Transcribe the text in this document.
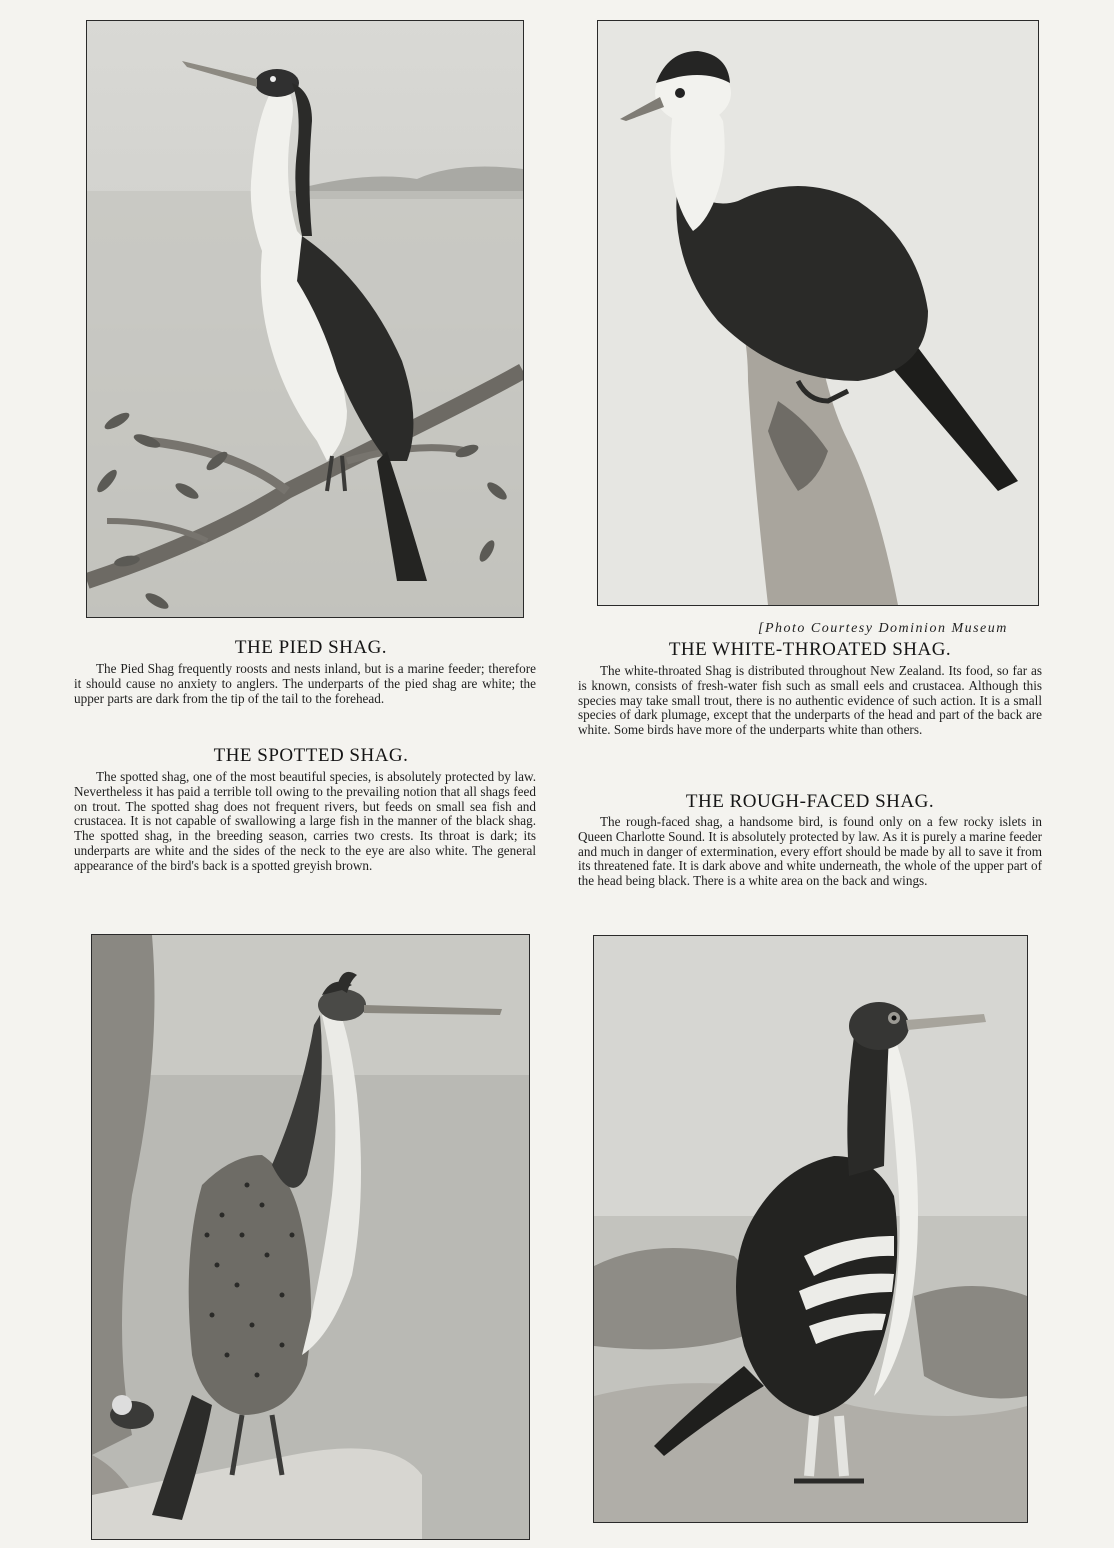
[Photo Courtesy Dominion Museum
THE PIED SHAG.

The Pied Shag frequently roosts and nests inland, but is a marine feeder; therefore it should cause no anxiety to anglers. The underparts of the pied shag are white; the upper parts are dark from the tip of the tail to the forehead.

THE SPOTTED SHAG.

The spotted shag, one of the most beautiful species, is absolutely protected by law. Nevertheless it has paid a terrible toll owing to the prevailing notion that all shags feed on trout. The spotted shag does not frequent rivers, but feeds on small sea fish and crustacea. It is not capable of swallowing a large fish in the manner of the black shag. The spotted shag, in the breeding season, carries two crests. Its throat is dark; its underparts are white and the sides of the neck to the eye are also white. The general appearance of the bird's back is a spotted greyish brown.

THE WHITE-THROATED SHAG.

The white-throated Shag is distributed throughout New Zealand. Its food, so far as is known, consists of fresh-water fish such as small eels and crustacea. Although this species may take small trout, there is no authentic evidence of such action. It is a small species of dark plumage, except that the underparts of the head and part of the back are white. Some birds have more of the underparts white than others.

THE ROUGH-FACED SHAG.

The rough-faced shag, a handsome bird, is found only on a few rocky islets in Queen Charlotte Sound. It is absolutely protected by law. As it is purely a marine feeder and much in danger of extermination, every effort should be made by all to save it from its threatened fate. It is dark above and white underneath, the whole of the upper part of the head being black. There is a white area on the back and wings.
